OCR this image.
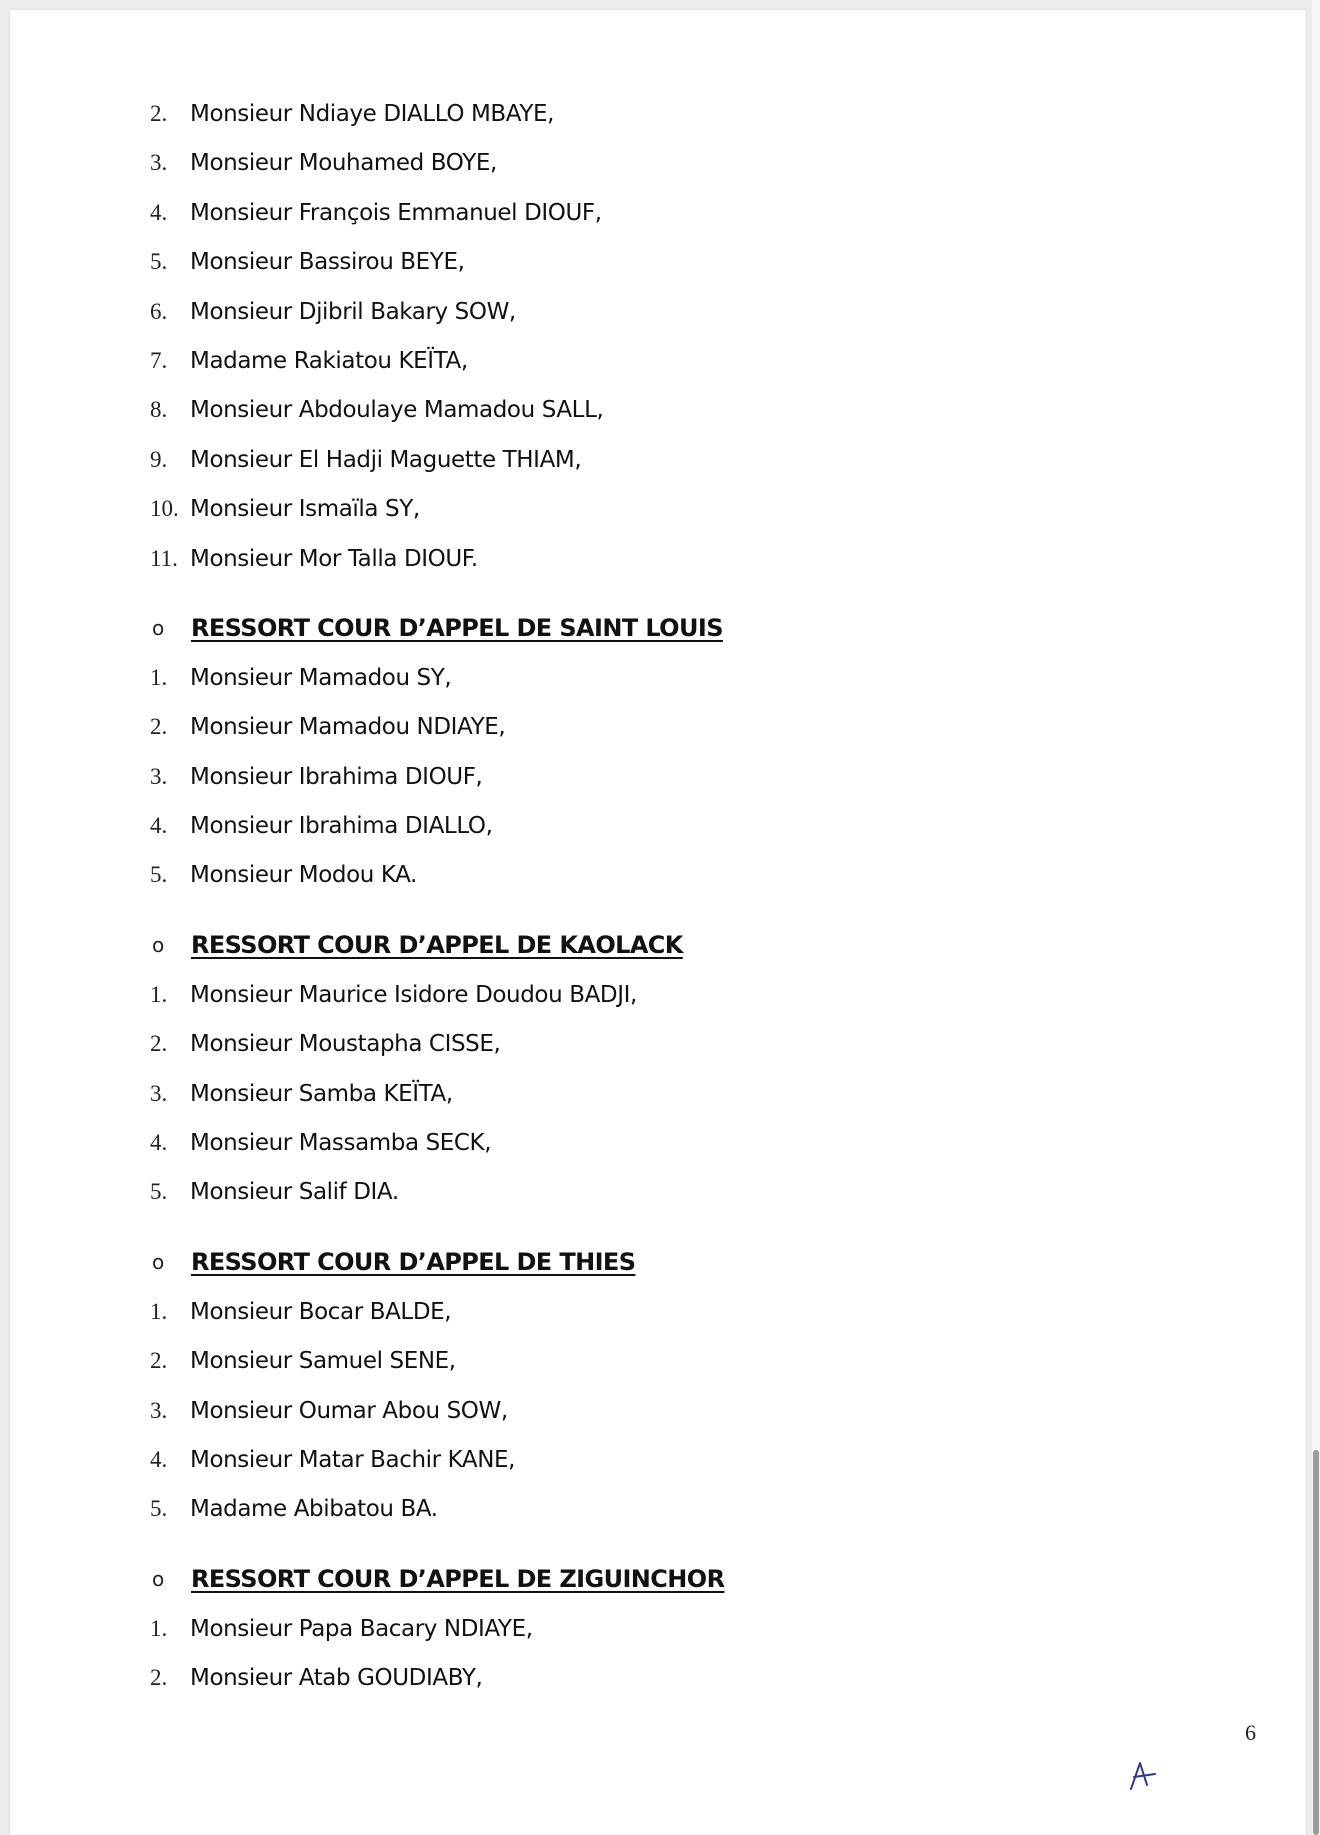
2. Monsieur Ndiaye DIALLO MBAYE,
3. Monsieur Mouhamed BOYE,
4. Monsieur François Emmanuel DIOUF,
5. Monsieur Bassirou BEYE,
6. Monsieur Djibril Bakary SOW,
7. Madame Rakiatou KEÏTA,
8. Monsieur Abdoulaye Mamadou SALL,
9. Monsieur El Hadji Maguette THIAM,
10. Monsieur Ismaïla SY,
11. Monsieur Mor Talla DIOUF.
o RESSORT COUR D’APPEL DE SAINT LOUIS
1. Monsieur Mamadou SY,
2. Monsieur Mamadou NDIAYE,
3. Monsieur Ibrahima DIOUF,
4. Monsieur Ibrahima DIALLO,
5. Monsieur Modou KA.
o RESSORT COUR D’APPEL DE KAOLACK
1. Monsieur Maurice Isidore Doudou BADJI,
2. Monsieur Moustapha CISSE,
3. Monsieur Samba KEÏTA,
4. Monsieur Massamba SECK,
5. Monsieur Salif DIA.
o RESSORT COUR D’APPEL DE THIES
1. Monsieur Bocar BALDE,
2. Monsieur Samuel SENE,
3. Monsieur Oumar Abou SOW,
4. Monsieur Matar Bachir KANE,
5. Madame Abibatou BA.
o RESSORT COUR D’APPEL DE ZIGUINCHOR
1. Monsieur Papa Bacary NDIAYE,
2. Monsieur Atab GOUDIABY,
6
